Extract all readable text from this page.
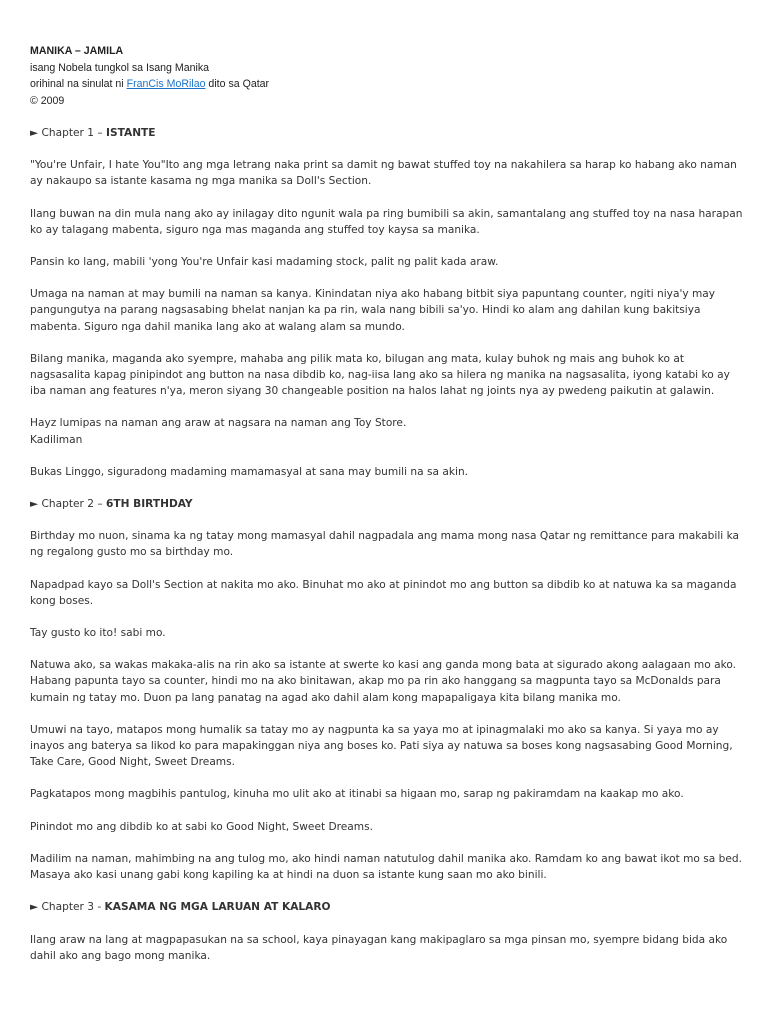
MANIKA – JAMILA
isang Nobela tungkol sa Isang Manika
orihinal na sinulat ni FranCis MoRilao dito sa Qatar
© 2009

► Chapter 1 – ISTANTE

"You're Unfair, I hate You"Ito ang mga letrang naka print sa damit ng bawat stuffed toy na nakahilera sa harap ko habang ako naman ay nakaupo sa istante kasama ng mga manika sa Doll's Section.

Ilang buwan na din mula nang ako ay inilagay dito ngunit wala pa ring bumibili sa akin, samantalang ang stuffed toy na nasa harapan ko ay talagang mabenta, siguro nga mas maganda ang stuffed toy kaysa sa manika.

Pansin ko lang, mabili 'yong You're Unfair kasi madaming stock, palit ng palit kada araw.

Umaga na naman at may bumili na naman sa kanya. Kinindatan niya ako habang bitbit siya papuntang counter, ngiti niya'y may pangungutya na parang nagsasabing bhelat nanjan ka pa rin, wala nang bibili sa'yo. Hindi ko alam ang dahilan kung bakitsiya mabenta. Siguro nga dahil manika lang ako at walang alam sa mundo.

Bilang manika, maganda ako syempre, mahaba ang pilik mata ko, bilugan ang mata, kulay buhok ng mais ang buhok ko at nagsasalita kapag pinipindot ang button na nasa dibdib ko, nag-iisa lang ako sa hilera ng manika na nagsasalita, iyong katabi ko ay iba naman ang features n'ya, meron siyang 30 changeable position na halos lahat ng joints nya ay pwedeng paikutin at galawin.

Hayz lumipas na naman ang araw at nagsara na naman ang Toy Store.

Kadiliman

Bukas Linggo, siguradong madaming mamamasyal at sana may bumili na sa akin.

► Chapter 2 – 6TH BIRTHDAY

Birthday mo nuon, sinama ka ng tatay mong mamasyal dahil nagpadala ang mama mong nasa Qatar ng remittance para makabili ka ng regalong gusto mo sa birthday mo.

Napadpad kayo sa Doll's Section at nakita mo ako. Binuhat mo ako at pinindot mo ang button sa dibdib ko at natuwa ka sa maganda kong boses.

Tay gusto ko ito! sabi mo.

Natuwa ako, sa wakas makaka-alis na rin ako sa istante at swerte ko kasi ang ganda mong bata at sigurado akong aalagaan mo ako. Habang papunta tayo sa counter, hindi mo na ako binitawan, akap mo pa rin ako hanggang sa magpunta tayo sa McDonalds para kumain ng tatay mo. Duon pa lang panatag na agad ako dahil alam kong mapapaligaya kita bilang manika mo.

Umuwi na tayo, matapos mong humalik sa tatay mo ay nagpunta ka sa yaya mo at ipinagmalaki mo ako sa kanya. Si yaya mo ay inayos ang baterya sa likod ko para mapakinggan niya ang boses ko. Pati siya ay natuwa sa boses kong nagsasabing Good Morning, Take Care, Good Night, Sweet Dreams.

Pagkatapos mong magbihis pantulog, kinuha mo ulit ako at itinabi sa higaan mo, sarap ng pakiramdam na kaakap mo ako.

Pinindot mo ang dibdib ko at sabi ko Good Night, Sweet Dreams.

Madilim na naman, mahimbing na ang tulog mo, ako hindi naman natutulog dahil manika ako. Ramdam ko ang bawat ikot mo sa bed. Masaya ako kasi unang gabi kong kapiling ka at hindi na duon sa istante kung saan mo ako binili.

► Chapter 3 - KASAMA NG MGA LARUAN AT KALARO

Ilang araw na lang at magpapasukan na sa school, kaya pinayagan kang makipaglaro sa mga pinsan mo, syempre bidang bida ako dahil ako ang bago mong manika.
